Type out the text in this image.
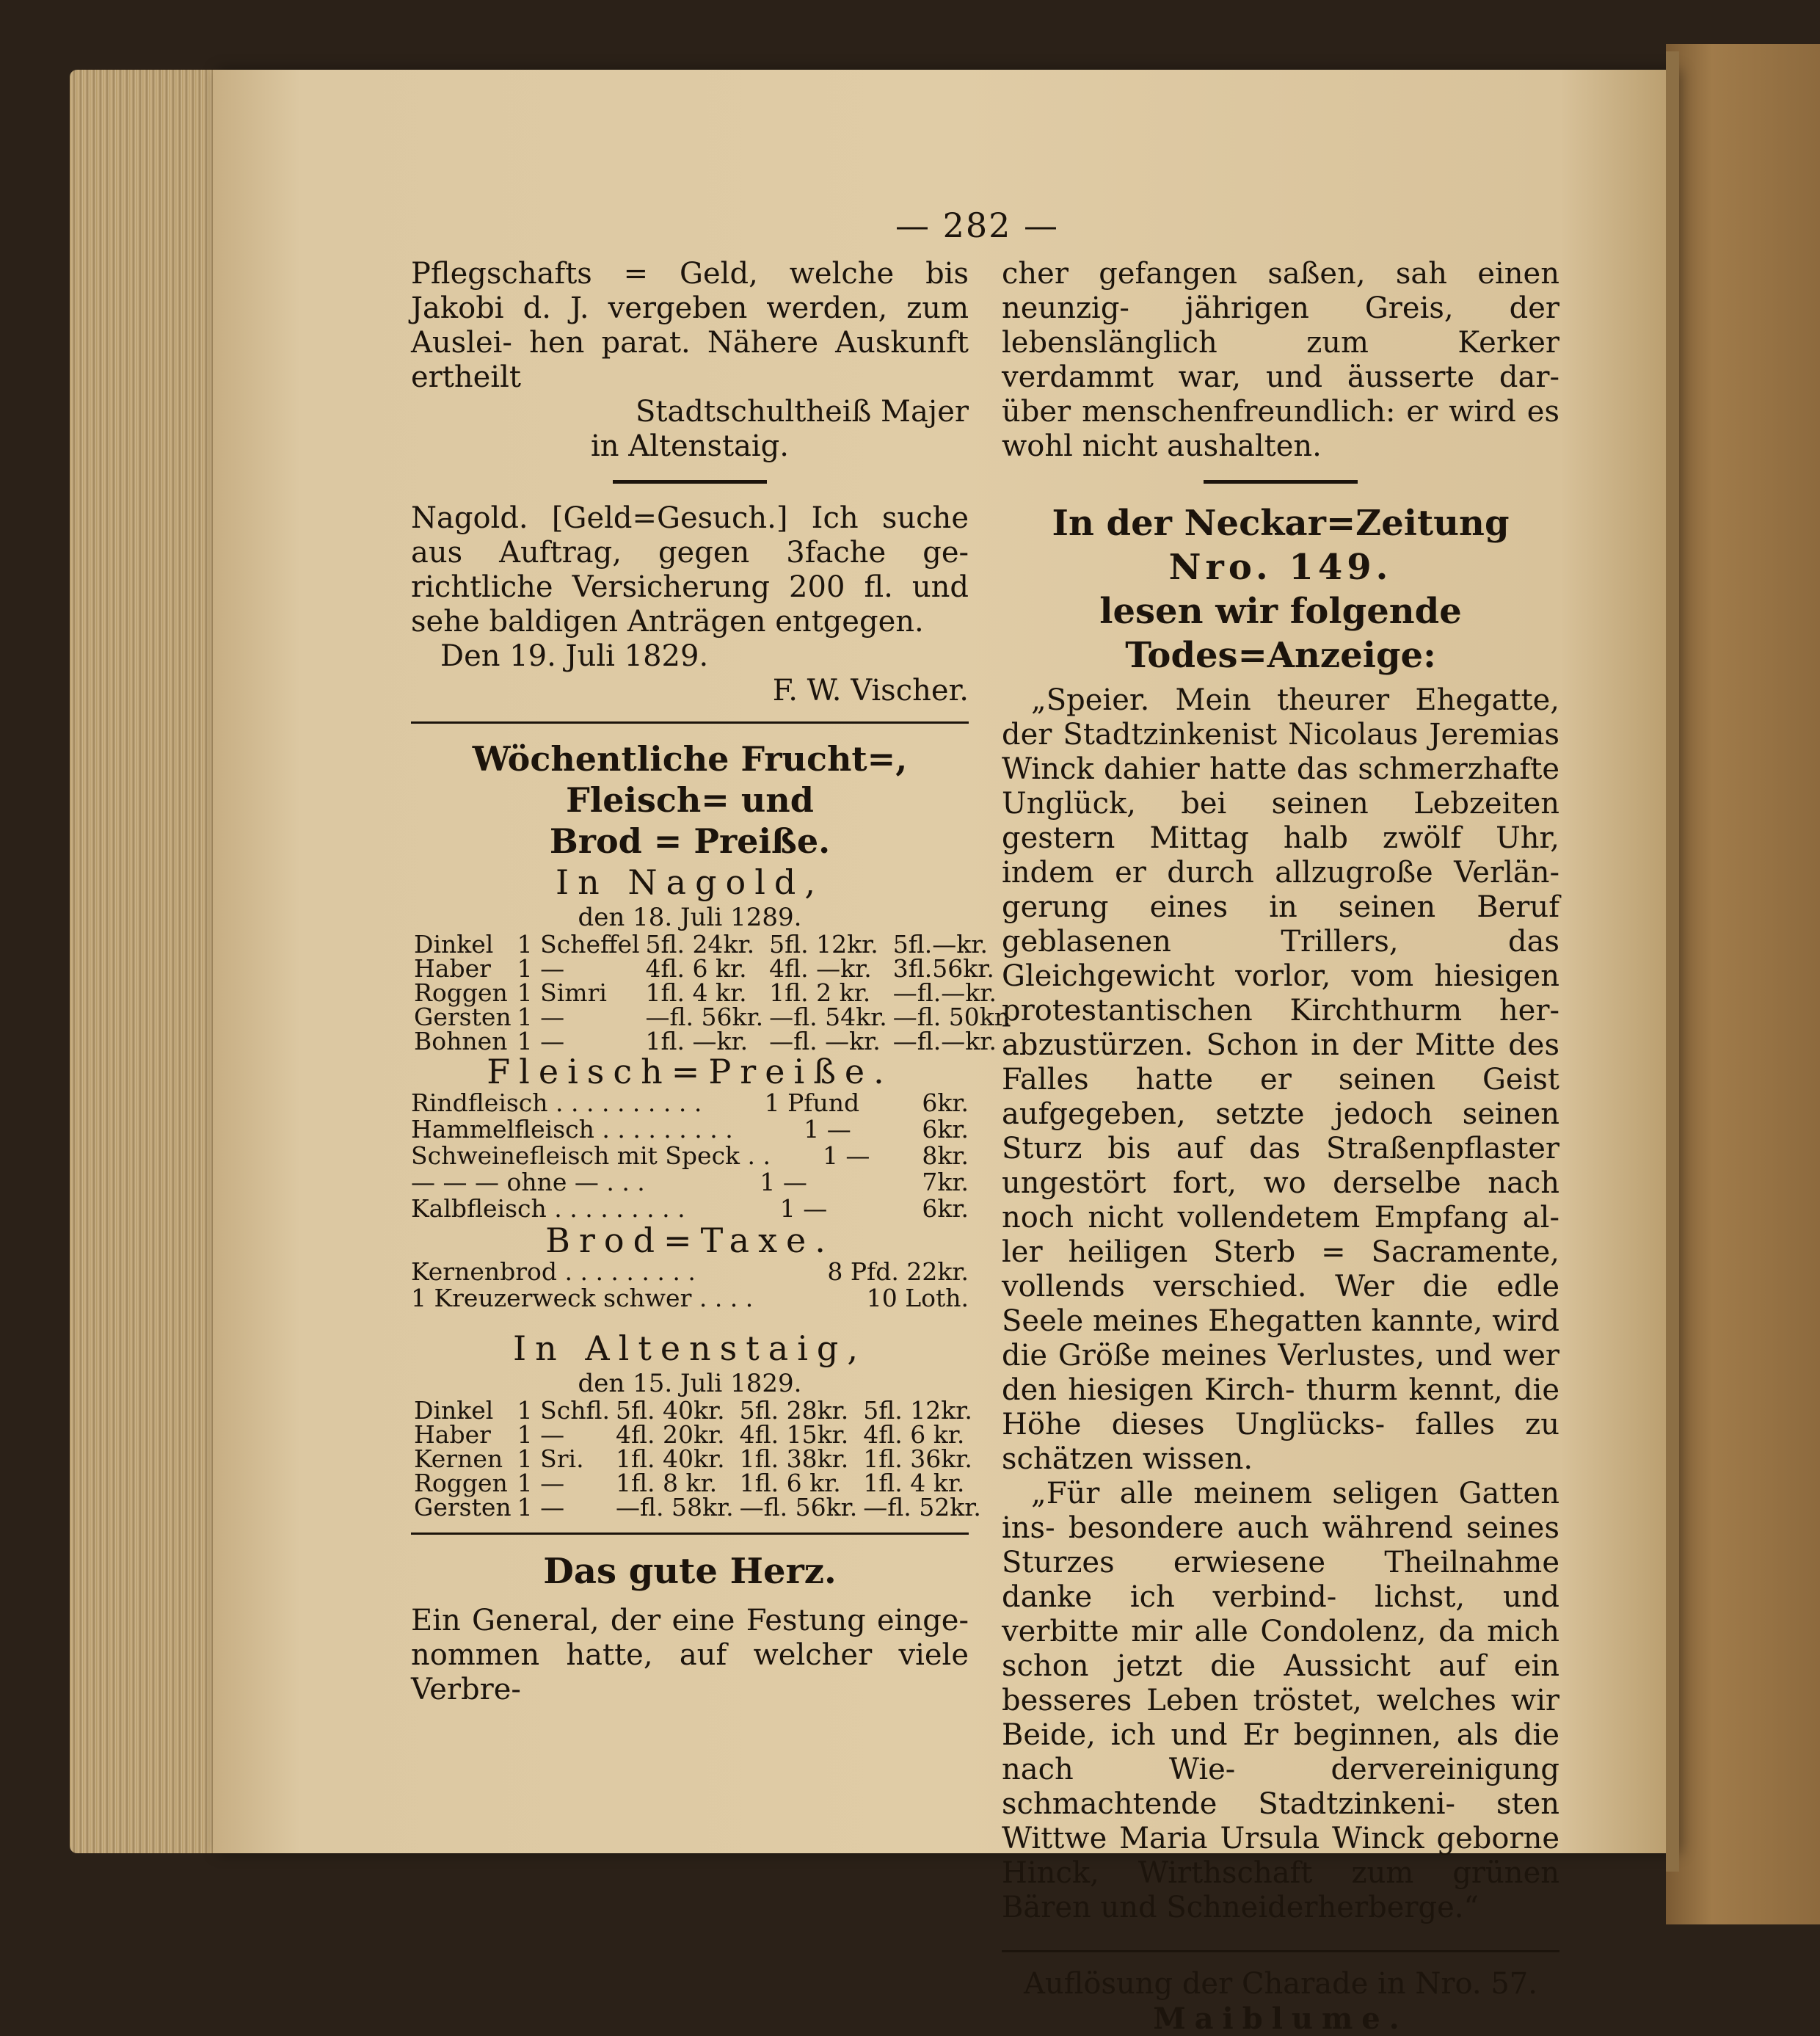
— 282 —

Pflegschafts = Geld, welche bis Jakobi d. J. vergeben werden, zum Auslei- hen parat. Nähere Auskunft ertheilt

Stadtschultheiß Majer

in Altenstaig.

Nagold. [Geld=Gesuch.] Ich suche aus Auftrag, gegen 3fache ge- richtliche Versicherung 200 fl. und sehe baldigen Anträgen entgegen.

Den 19. Juli 1829.

F. W. Vischer.

Wöchentliche Frucht=, Fleisch= und
Brod = Preiße.
In Nagold,
den 18. Juli 1289.
Dinkel	1 Scheffel	5fl. 24kr.	5fl. 12kr.	5fl.—kr.
Haber	1 —	4fl. 6 kr.	4fl. —kr.	3fl.56kr.
Roggen	1 Simri	1fl. 4 kr.	1fl. 2 kr.	—fl.—kr.
Gersten	1 —	—fl. 56kr.	—fl. 54kr.	—fl. 50kr.
Bohnen	1 —	1fl. —kr.	—fl. —kr.	—fl.—kr.
Fleisch=Preiße.
Rindfleisch . . . . . . . . . .	1 Pfund	6kr.
Hammelfleisch . . . . . . . . .	1 —	6kr.
Schweinefleisch mit Speck . . 1 — 8kr.
— — — ohne — . . .	1 —	7kr.
Kalbfleisch . . . . . . . . .	1 —	6kr.
Brod=Taxe.
Kernenbrod . . . . . . . . .	8 Pfd. 22kr.
1 Kreuzerweck schwer . . . .	10 Loth.
In Altenstaig,
den 15. Juli 1829.
Dinkel	1 Schfl.	5fl. 40kr.	5fl. 28kr.	5fl. 12kr.
Haber	1 —	4fl. 20kr.	4fl. 15kr.	4fl. 6 kr.
Kernen	1 Sri.	1fl. 40kr.	1fl. 38kr.	1fl. 36kr.
Roggen	1 —	1fl. 8 kr.	1fl. 6 kr.	1fl. 4 kr.
Gersten	1 —	—fl. 58kr.	—fl. 56kr.	—fl. 52kr.
Das gute Herz.

Ein General, der eine Festung einge- nommen hatte, auf welcher viele Verbre-

cher gefangen saßen, sah einen neunzig- jährigen Greis, der lebenslänglich zum Kerker verdammt war, und äusserte dar- über menschenfreundlich: er wird es wohl nicht aushalten.

In der Neckar=Zeitung
Nro. 149.
lesen wir folgende Todes=Anzeige:

„Speier. Mein theurer Ehegatte, der Stadtzinkenist Nicolaus Jeremias Winck dahier hatte das schmerzhafte Unglück, bei seinen Lebzeiten gestern Mittag halb zwölf Uhr, indem er durch allzugroße Verlän- gerung eines in seinen Beruf geblasenen Trillers, das Gleichgewicht vorlor, vom hiesigen protestantischen Kirchthurm her- abzustürzen. Schon in der Mitte des Falles hatte er seinen Geist aufgegeben, setzte jedoch seinen Sturz bis auf das Straßenpflaster ungestört fort, wo derselbe nach noch nicht vollendetem Empfang al- ler heiligen Sterb = Sacramente, vollends verschied. Wer die edle Seele meines Ehegatten kannte, wird die Größe meines Verlustes, und wer den hiesigen Kirch- thurm kennt, die Höhe dieses Unglücks- falles zu schätzen wissen.

„Für alle meinem seligen Gatten ins- besondere auch während seines Sturzes erwiesene Theilnahme danke ich verbind- lichst, und verbitte mir alle Condolenz, da mich schon jetzt die Aussicht auf ein besseres Leben tröstet, welches wir Beide, ich und Er beginnen, als die nach Wie- dervereinigung schmachtende Stadtzinkeni- sten Wittwe Maria Ursula Winck geborne Hinck, Wirthschaft zum grünen Bären und Schneiderherberge.“

Auflösung der Charade in Nro. 57.

Maiblume.
